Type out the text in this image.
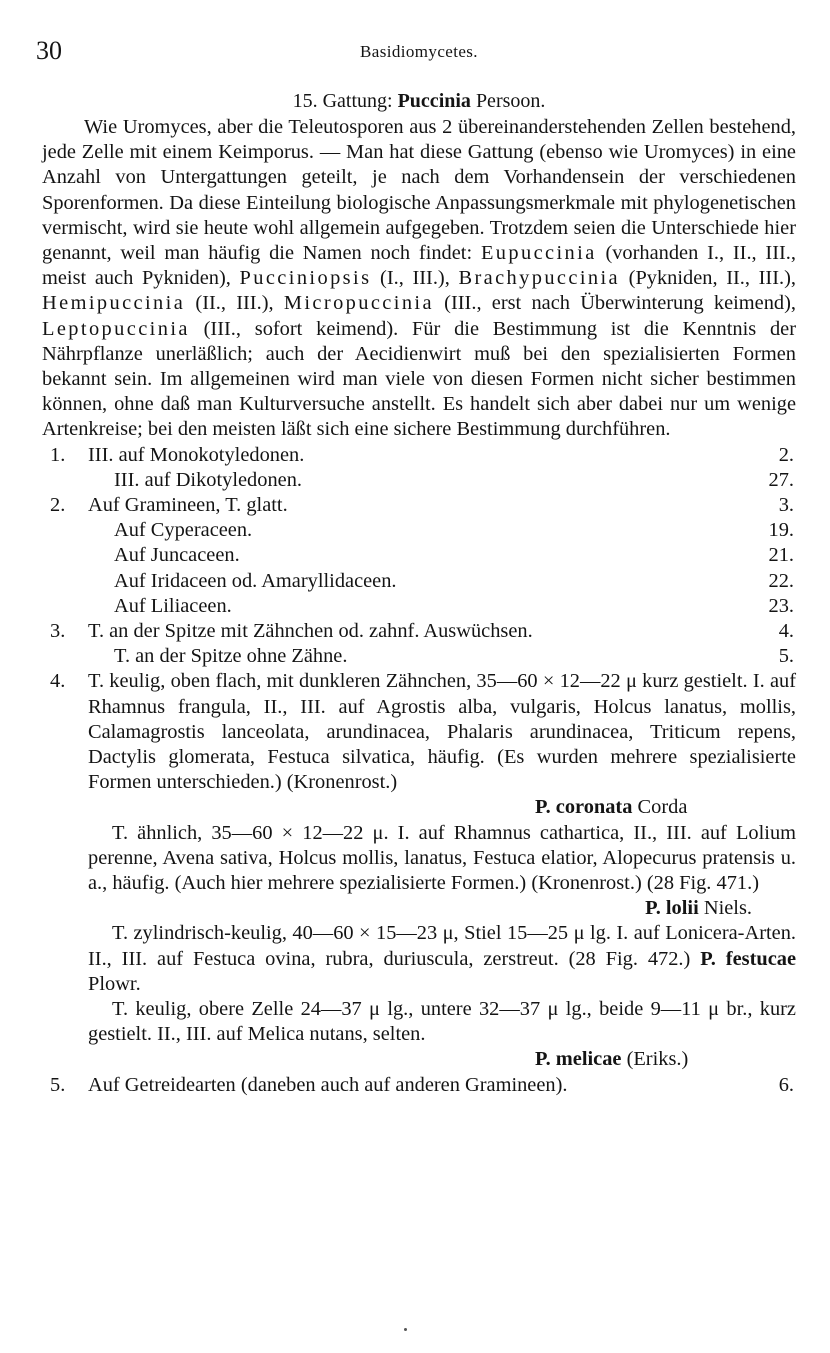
30	Basidiomycetes.
15. Gattung: Puccinia Persoon.

Wie Uromyces, aber die Teleutosporen aus 2 übereinanderstehenden Zellen bestehend, jede Zelle mit einem Keimporus. — Man hat diese Gattung (ebenso wie Uromyces) in eine Anzahl von Untergattungen geteilt, je nach dem Vorhandensein der verschiedenen Sporenformen. Da diese Einteilung biologische Anpassungsmerkmale mit phylogenetischen vermischt, wird sie heute wohl allgemein aufgegeben. Trotzdem seien die Unterschiede hier genannt, weil man häufig die Namen noch findet: Eupuccinia (vorhanden I., II., III., meist auch Pykniden), Pucciniopsis (I., III.), Brachypuccinia (Pykniden, II., III.), Hemipuccinia (II., III.), Micropuccinia (III., erst nach Überwinterung keimend), Leptopuccinia (III., sofort keimend). Für die Bestimmung ist die Kenntnis der Nährpflanze unerläßlich; auch der Aecidienwirt muß bei den spezialisierten Formen bekannt sein. Im allgemeinen wird man viele von diesen Formen nicht sicher bestimmen können, ohne daß man Kulturversuche anstellt. Es handelt sich aber dabei nur um wenige Artenkreise; bei den meisten läßt sich eine sichere Bestimmung durchführen.

1. III. auf Monokotyledonen.	2.
III. auf Dikotyledonen.	27.
2. Auf Gramineen, T. glatt.	3.
Auf Cyperaceen.	19.
Auf Juncaceen.	21.
Auf Iridaceen od. Amaryllidaceen.	22.
Auf Liliaceen.	23.
3. T. an der Spitze mit Zähnchen od. zahnf. Auswüchsen.	4.
T. an der Spitze ohne Zähne.	5.

4. T. keulig, oben flach, mit dunkleren Zähnchen, 35—60 × 12—22 μ kurz gestielt. I. auf Rhamnus frangula, II., III. auf Agrostis alba, vulgaris, Holcus lanatus, mollis, Calamagrostis lanceolata, arundinacea, Phalaris arundinacea, Triticum repens, Dactylis glomerata, Festuca silvatica, häufig. (Es wurden mehrere spezialisierte Formen unterschieden.) (Kronenrost.)

P. coronata Corda

T. ähnlich, 35—60 × 12—22 μ. I. auf Rhamnus cathartica, II., III. auf Lolium perenne, Avena sativa, Holcus mollis, lanatus, Festuca elatior, Alopecurus pratensis u. a., häufig. (Auch hier mehrere spezialisierte Formen.) (Kronenrost.) (28 Fig. 471.)

P. lolii Niels.

T. zylindrisch-keulig, 40—60 × 15—23 μ, Stiel 15—25 μ lg. I. auf Lonicera-Arten. II., III. auf Festuca ovina, rubra, duriuscula, zerstreut. (28 Fig. 472.) P. festucae Plowr.

T. keulig, obere Zelle 24—37 μ lg., untere 32—37 μ lg., beide 9—11 μ br., kurz gestielt. II., III. auf Melica nutans, selten.

P. melicae (Eriks.)

5. Auf Getreidearten (daneben auch auf anderen Gramineen).	6.
